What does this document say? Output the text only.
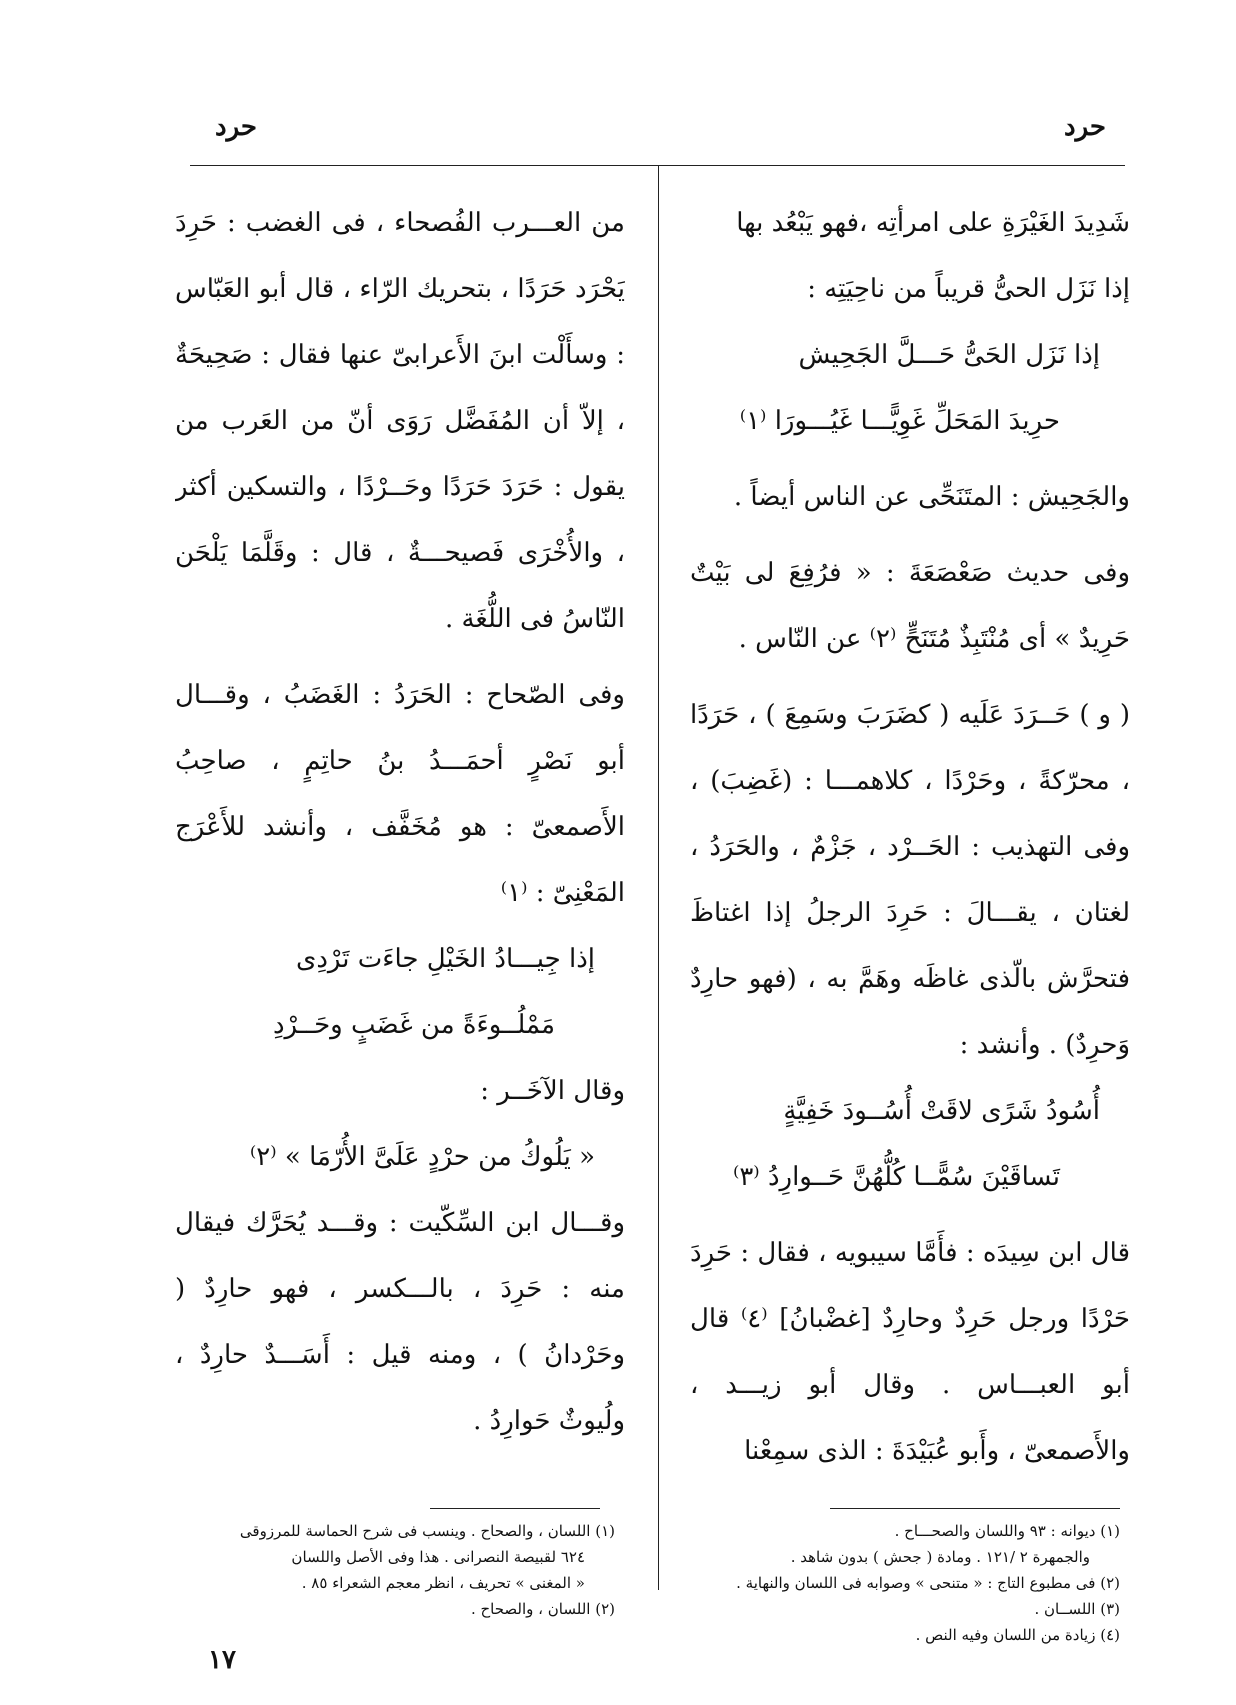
حرد
حرد

شَدِيدَ الغَيْرَةِ على امرأتِه ،فهو يَبْعُد بها

إذا نَزَل الحىُّ قريباً من ناحِيَتِه :

إذا نَزَل الحَىُّ حَـــلَّ الجَحِيش

حرِيدَ المَحَلِّ غَوِيًّـــا غَيُـــورَا ⁽١⁾

والجَحِيش : المتَنَحِّى عن الناس أيضاً .

وفى حديث صَعْصَعَةَ : « فرُفِعَ لى بَيْتٌ حَرِيدٌ » أى مُنْتَبِذٌ مُتَنَحٍّ ⁽٢⁾ عن النّاس .

( و ) حَــرَدَ عَلَيه ( كضَرَبَ وسَمِعَ ) ، حَرَدًا ، محرّكةً ، وحَرْدًا ، كلاهمـــا : (غَضِبَ) ، وفى التهذيب : الحَــرْد ، جَزْمٌ ، والحَرَدُ ، لغتان ، يقـــالَ : حَرِدَ الرجلُ إذا اغتاظَ فتحرَّش بالّذى غاظَه وهَمَّ به ، (فهو حارِدٌ وَحرِدٌ) . وأنشد :

أُسُودُ شَرًى لاقَتْ أُسُــودَ خَفِيَّةٍ

تَساقَيْنَ سُمًّــا كُلُّهُنَّ حَــوارِدُ ⁽٣⁾

قال ابن سِيدَه : فأَمَّا سيبويه ، فقال : حَرِدَ حَرْدًا ورجل حَرِدٌ وحارِدٌ [غضْبانُ] ⁽٤⁾ قال أبو العبـــاس . وقال أبو زيـــد ، والأَصمعىّ ، وأَبو عُبَيْدَةَ : الذى سمِعْنا

من العـــرب الفُصحاء ، فى الغضب : حَرِدَ يَحْرَد حَرَدًا ، بتحريك الرّاء ، قال أبو العَبّاس : وسأَلْت ابنَ الأَعرابىّ عنها فقال : صَحِيحَةٌ ، إلاّ أن المُفَضَّل رَوَى أنّ من العَرب من يقول : حَرَدَ حَرَدًا وحَــرْدًا ، والتسكين أكثر ، والأُخْرَى فَصيحـــةٌ ، قال : وقَلَّمَا يَلْحَن النّاسُ فى اللُّغَة .

وفى الصّحاح : الحَرَدُ : الغَضَبُ ، وقـــال أبو نَصْرٍ أحمَـــدُ بنُ حاتِمٍ ، صاحِبُ الأَصمعىّ : هو مُخَفَّف ، وأنشد للأَعْرَج المَعْنِىّ : ⁽١⁾

إذا جِيـــادُ الخَيْلِ جاءَت تَرْدِى

مَمْلُــوءَةً من غَضَبٍ وحَــرْدِ

وقال الآخَــر :

« يَلُوكُ من حرْدٍ عَلَىَّ الأُرّمَا » ⁽٢⁾

وقـــال ابن السِّكّيت : وقـــد يُحَرَّك فيقال منه : حَرِدَ ، بالـــكسر ، فهو حارِدٌ ( وحَرْدانُ ) ، ومنه قيل : أَسَـــدٌ حارِدٌ ، ولُيوثٌ حَوارِدُ .

(١) ديوانه : ٩٣ واللسان والصحـــاح .

والجمهرة ٢ /١٢١ . ومادة ( جحش ) بدون شاهد .

(٢) فى مطبوع التاج : « متنحى » وصوابه فى اللسان والنهاية .

(٣) اللســان .

(٤) زيادة من اللسان وفيه النص .

(١) اللسان ، والصحاح . وينسب فى شرح الحماسة للمرزوقى

٦٢٤ لقبيصة النصرانى . هذا وفى الأصل واللسان

« المغنى » تحريف ، انظر معجم الشعراء ٨٥ .

(٢) اللسان ، والصحاح .

١٧
